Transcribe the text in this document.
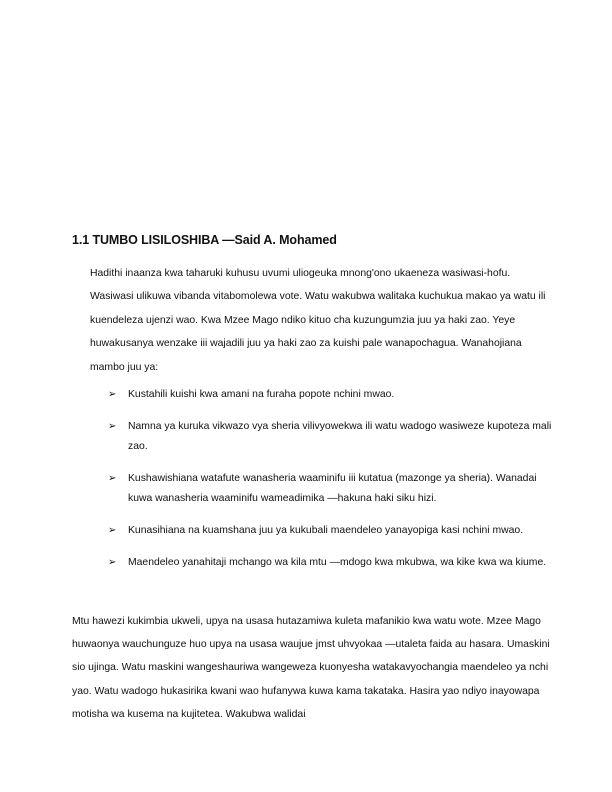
1.1 TUMBO LISILOSHIBA —Said A. Mohamed

Hadithi inaanza kwa taharuki kuhusu uvumi uliogeuka mnong'ono ukaeneza wasiwasi-hofu. Wasiwasi ulikuwa vibanda vitabomolewa vote. Watu wakubwa walitaka kuchukua makao ya watu ili kuendeleza ujenzi wao. Kwa Mzee Mago ndiko kituo cha kuzungumzia juu ya haki zao. Yeye huwakusanya wenzake iii wajadili juu ya haki zao za kuishi pale wanapochagua. Wanahojiana mambo juu ya:

➢ Kustahili kuishi kwa amani na furaha popote nchini mwao.
➢ Namna ya kuruka vikwazo vya sheria vilivyowekwa ili watu wadogo wasiweze kupoteza mali zao.
➢ Kushawishiana watafute wanasheria waaminifu iii kutatua (mazonge ya sheria). Wanadai kuwa wanasheria waaminifu wameadimika —hakuna haki siku hizi.
➢ Kunasihiana na kuamshana juu ya kukubali maendeleo yanayopiga kasi nchini mwao.
➢ Maendeleo yanahitaji mchango wa kila mtu —mdogo kwa mkubwa, wa kike kwa wa kiume.

Mtu hawezi kukimbia ukweli, upya na usasa hutazamiwa kuleta mafanikio kwa watu wote. Mzee Mago huwaonya wauchunguze huo upya na usasa waujue jmst uhvyokaa —utaleta faida au hasara. Umaskini sio ujinga. Watu maskini wangeshauriwa wangeweza kuonyesha watakavyochangia maendeleo ya nchi yao. Watu wadogo hukasirika kwani wao hufanywa kuwa kama takataka. Hasira yao ndiyo inayowapa motisha wa kusema na kujitetea. Wakubwa walidai
